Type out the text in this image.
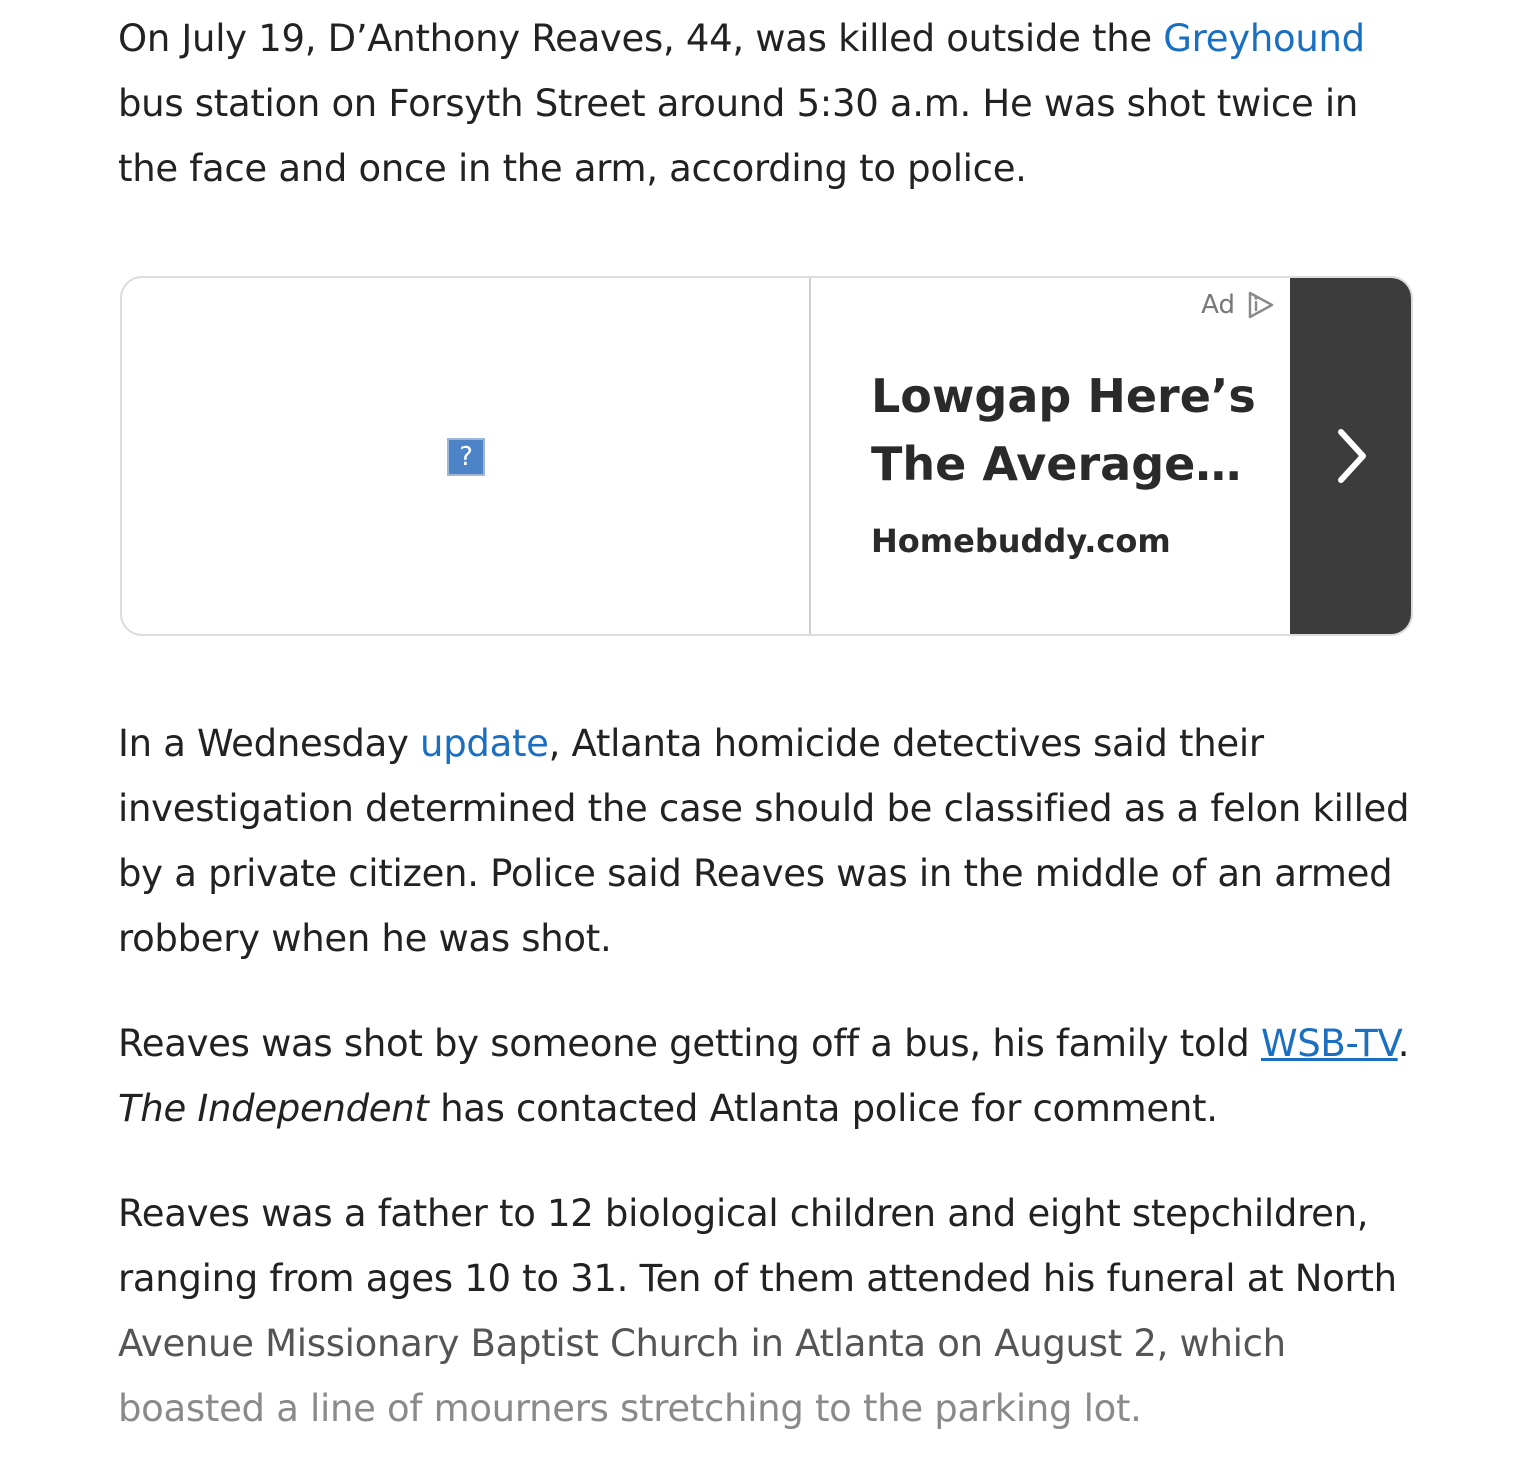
On July 19, D’Anthony Reaves, 44, was killed outside the Greyhound bus station on Forsyth Street around 5:30 a.m. He was shot twice in the face and once in the arm, according to police.

In a Wednesday update, Atlanta homicide detectives said their investigation determined the case should be classified as a felon killed by a private citizen. Police said Reaves was in the middle of an armed robbery when he was shot.

Reaves was shot by someone getting off a bus, his family told WSB-TV. The Independent has contacted Atlanta police for comment.

Reaves was a father to 12 biological children and eight stepchildren,
ranging from ages 10 to 31. Ten of them attended his funeral at North
Avenue Missionary Baptist Church in Atlanta on August 2, which
boasted a line of mourners stretching to the parking lot.

?
Ad

Lowgap Here’s The Average…

Homebuddy.com
